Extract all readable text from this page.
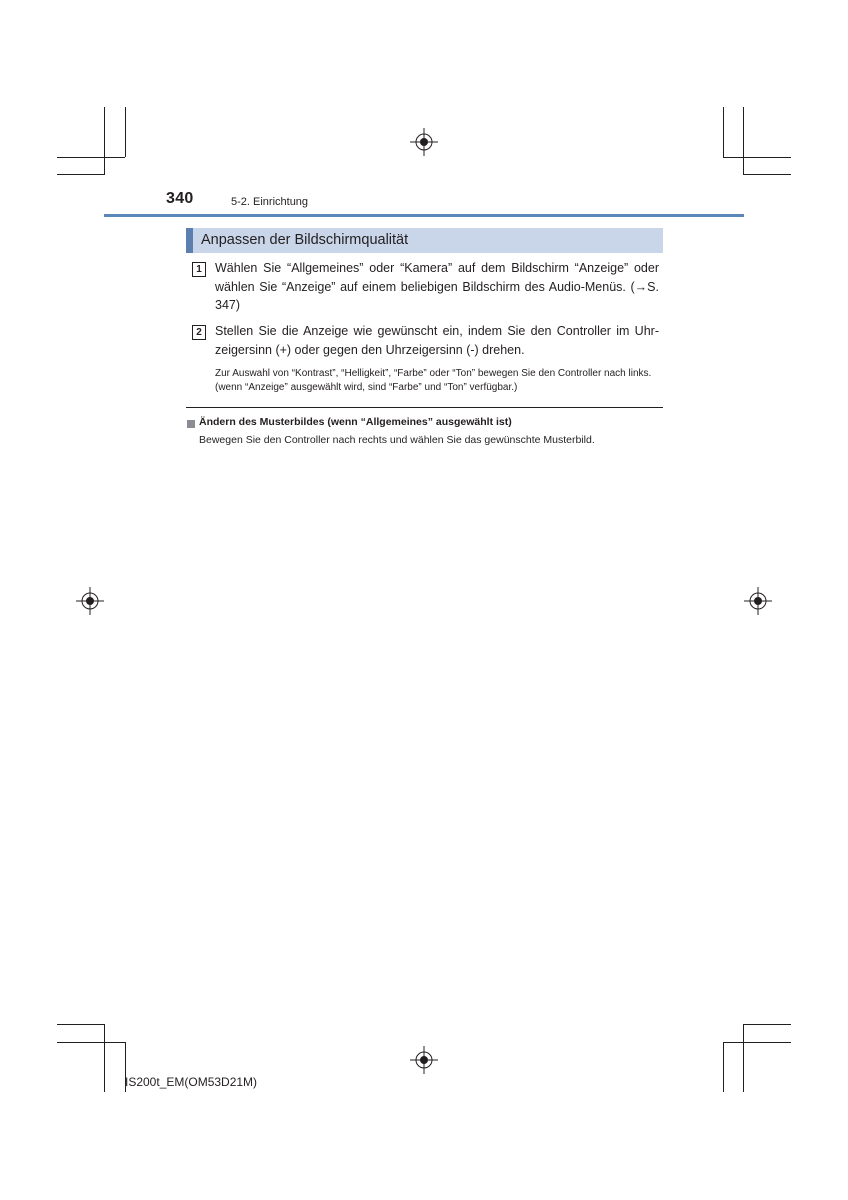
340	5-2. Einrichtung
Anpassen der Bildschirmqualität
1	Wählen Sie “Allgemeines” oder “Kamera” auf dem Bildschirm “Anzeige” oder wählen Sie “Anzeige” auf einem beliebigen Bildschirm des Audio-Menüs. (→S. 347)
2	Stellen Sie die Anzeige wie gewünscht ein, indem Sie den Controller im Uhrzeigersinn (+) oder gegen den Uhrzeigersinn (-) drehen.
Zur Auswahl von “Kontrast”, “Helligkeit”, “Farbe” oder “Ton” bewegen Sie den Controller nach links. (wenn “Anzeige” ausgewählt wird, sind “Farbe” und “Ton” verfügbar.)
Ändern des Musterbildes (wenn “Allgemeines” ausgewählt ist)
Bewegen Sie den Controller nach rechts und wählen Sie das gewünschte Musterbild.
IS200t_EM(OM53D21M)
